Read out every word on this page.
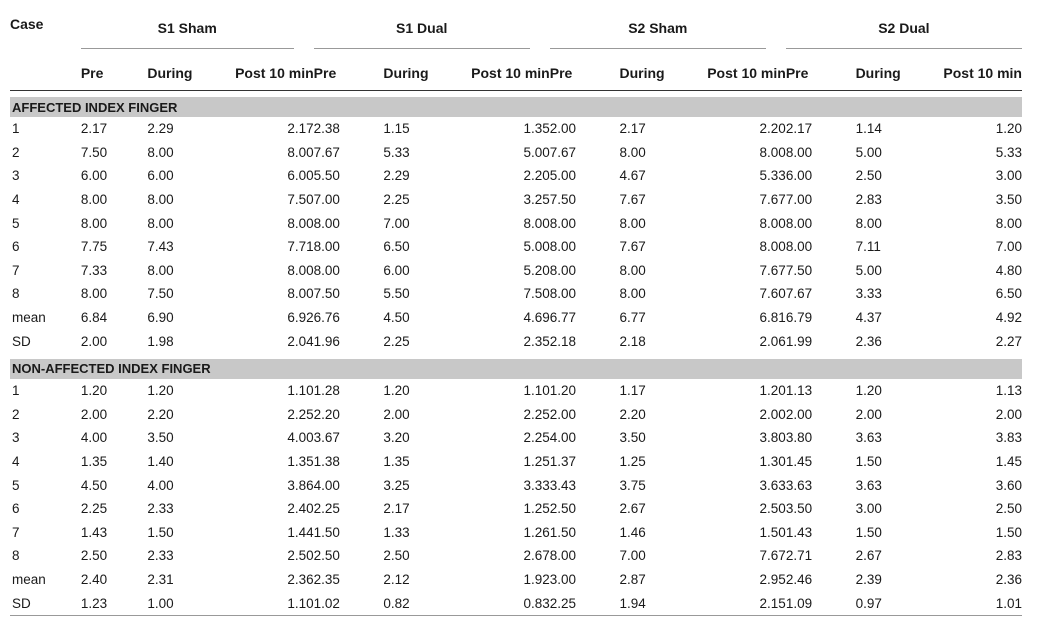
Case	S1 Sham			S1 Dual			S2 Sham			S2 Dual			

	Pre	During	Post 10 min	Pre	During	Post 10 min	Pre	During	Post 10 min	Pre	During	Post 10 min	

AFFECTED INDEX FINGER													
1	2.17	2.29	2.17	2.38	1.15	1.35	2.00	2.17	2.20	2.17	1.14	1.20	
2	7.50	8.00	8.00	7.67	5.33	5.00	7.67	8.00	8.00	8.00	5.00	5.33	
3	6.00	6.00	6.00	5.50	2.29	2.20	5.00	4.67	5.33	6.00	2.50	3.00	
4	8.00	8.00	7.50	7.00	2.25	3.25	7.50	7.67	7.67	7.00	2.83	3.50	
5	8.00	8.00	8.00	8.00	7.00	8.00	8.00	8.00	8.00	8.00	8.00	8.00	
6	7.75	7.43	7.71	8.00	6.50	5.00	8.00	7.67	8.00	8.00	7.11	7.00	
7	7.33	8.00	8.00	8.00	6.00	5.20	8.00	8.00	7.67	7.50	5.00	4.80	
8	8.00	7.50	8.00	7.50	5.50	7.50	8.00	8.00	7.60	7.67	3.33	6.50	
mean	6.84	6.90	6.92	6.76	4.50	4.69	6.77	6.77	6.81	6.79	4.37	4.92	
SD	2.00	1.98	2.04	1.96	2.25	2.35	2.18	2.18	2.06	1.99	2.36	2.27	

NON-AFFECTED INDEX FINGER													
1	1.20	1.20	1.10	1.28	1.20	1.10	1.20	1.17	1.20	1.13	1.20	1.13	
2	2.00	2.20	2.25	2.20	2.00	2.25	2.00	2.20	2.00	2.00	2.00	2.00	
3	4.00	3.50	4.00	3.67	3.20	2.25	4.00	3.50	3.80	3.80	3.63	3.83	
4	1.35	1.40	1.35	1.38	1.35	1.25	1.37	1.25	1.30	1.45	1.50	1.45	
5	4.50	4.00	3.86	4.00	3.25	3.33	3.43	3.75	3.63	3.63	3.63	3.60	
6	2.25	2.33	2.40	2.25	2.17	1.25	2.50	2.67	2.50	3.50	3.00	2.50	
7	1.43	1.50	1.44	1.50	1.33	1.26	1.50	1.46	1.50	1.43	1.50	1.50	
8	2.50	2.33	2.50	2.50	2.50	2.67	8.00	7.00	7.67	2.71	2.67	2.83	
mean	2.40	2.31	2.36	2.35	2.12	1.92	3.00	2.87	2.95	2.46	2.39	2.36	
SD	1.23	1.00	1.10	1.02	0.82	0.83	2.25	1.94	2.15	1.09	0.97	1.01	
